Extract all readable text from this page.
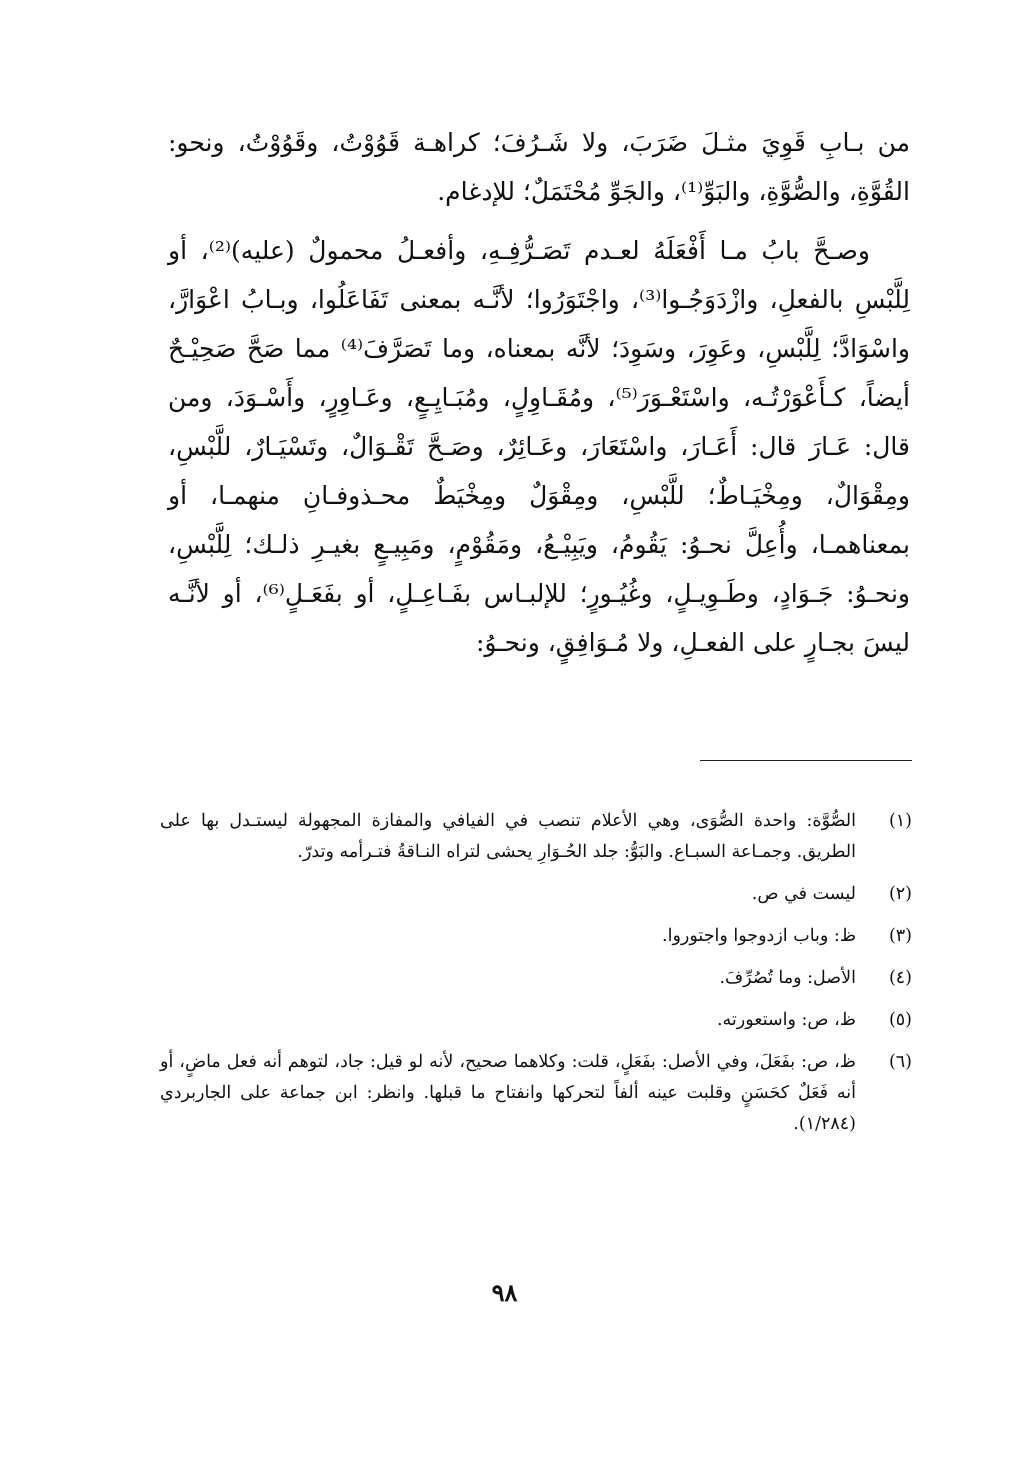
من بـابِ قَوِيَ مثـلَ ضَرَبَ، ولا شَـرُفَ؛ كراهـة قَوُوْتُ، وقَوُوْتُ، ونحو: القُوَّةِ، والصُّوَّةِ، والبَوِّ⁽¹⁾، والجَوِّ مُحْتَمَلٌ؛ للإدغام.

وصـحَّ بابُ مـا أَفْعَلَهُ لعـدم تَصَـرُّفِـهِ، وأفعـلُ محمولٌ (عليه)⁽²⁾، أو لِلَّبْسِ بالفعلِ، وازْدَوَجُـوا⁽³⁾، واجْتَوَرُوا؛ لأنَّـه بمعنى تَفَاعَلُوا، وبـابُ اعْوَارَّ، واسْوَادَّ؛ لِلَّبْسِ، وعَوِرَ، وسَوِدَ؛ لأنَّه بمعناه، وما تَصَرَّفَ⁽⁴⁾ مما صَحَّ صَحِيْـحٌ أيضاً، كـأَعْوَرْتُـه، واسْتَعْـوَرَ⁽⁵⁾، ومُقَـاوِلٍ، ومُبَـايِـعٍ، وعَـاوِرٍ، وأَسْـوَدَ، ومن قال: عَـارَ قال: أَعَـارَ، واسْتَعَارَ، وعَـائِرٌ، وصَـحَّ تَقْـوَالٌ، وتَسْيَـارٌ، للَّبْسِ، ومِقْوَالٌ، ومِخْيَـاطٌ؛ للَّبْسِ، ومِقْوَلٌ ومِخْيَطٌ محـذوفـانِ منهمـا، أو بمعناهمـا، وأُعِلَّ نحـوُ: يَقُومُ، ويَبِيْـعُ، ومَقُوْمٍ، ومَبِيـعٍ بغيـرِ ذلـك؛ لِلَّبْسِ، ونحـوُ: جَـوَادٍ، وطَـوِيـلٍ، وغُيُـورٍ؛ للإلبـاس بفَـاعِـلٍ، أو بفَعَـلٍ⁽⁶⁾، أو لأنَّـه ليسَ بجـارٍ على الفعـلِ، ولا مُـوَافِقٍ، ونحـوُ:

(١)
الصُّوَّة: واحدة الصُّوَى، وهي الأعلام تنصب في الفيافي والمفازة المجهولة ليستـدل بها على الطريق. وجمـاعة السبـاع. والبَوُّ: جلد الحُـوَارِ يحشى لتراه النـاقةُ فتـرأمه وتدرّ.
(٢)
ليست في ص.
(٣)
ظ: وباب ازدوجوا واجتوروا.
(٤)
الأصل: وما تُصُرِّفَ.
(٥)
ظ، ص: واستعورته.
(٦)
ظ، ص: بفَعَلَ، وفي الأصل: بفَعَلٍ، قلت: وكلاهما صحيح، لأنه لو قيل: جاد، لتوهم أنه فعل ماضٍ، أو أنه فَعَلٌ كحَسَنٍ وقلبت عينه ألفاً لتحركها وانفتاح ما قبلها. وانظر: ابن جماعة على الجاربردي (١/٢٨٤).
٩٨
